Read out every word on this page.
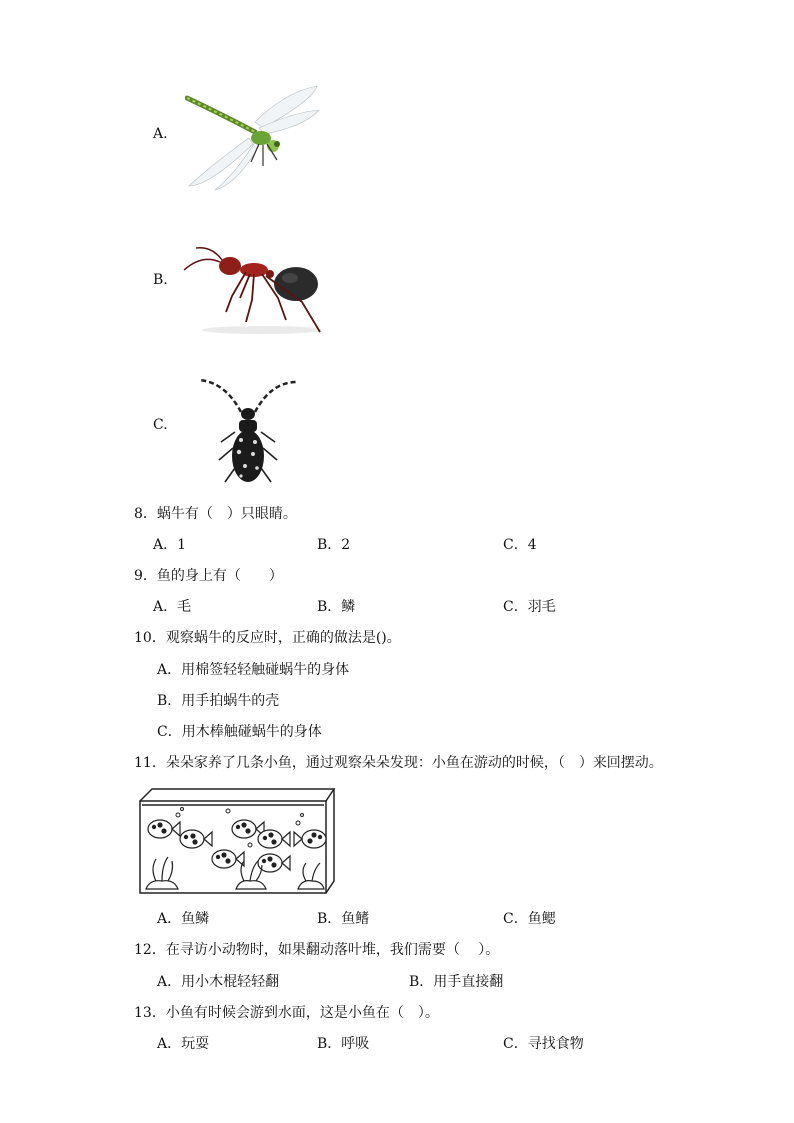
A.
B.
C.
8．蜗牛有（　）只眼睛。
A．1	B．2	C．4
9．鱼的身上有（　　）
A．毛	B．鳞	C．羽毛
10．观察蜗牛的反应时，正确的做法是()。
A．用棉签轻轻触碰蜗牛的身体
B．用手拍蜗牛的壳
C．用木棒触碰蜗牛的身体
11．朵朵家养了几条小鱼，通过观察朵朵发现：小鱼在游动的时候，（　）来回摆动。
A．鱼鳞	B．鱼鳍	C．鱼鳃
12．在寻访小动物时，如果翻动落叶堆，我们需要（　 ）。
A．用小木棍轻轻翻	B．用手直接翻
13．小鱼有时候会游到水面，这是小鱼在（　）。
A．玩耍	B．呼吸	C．寻找食物
